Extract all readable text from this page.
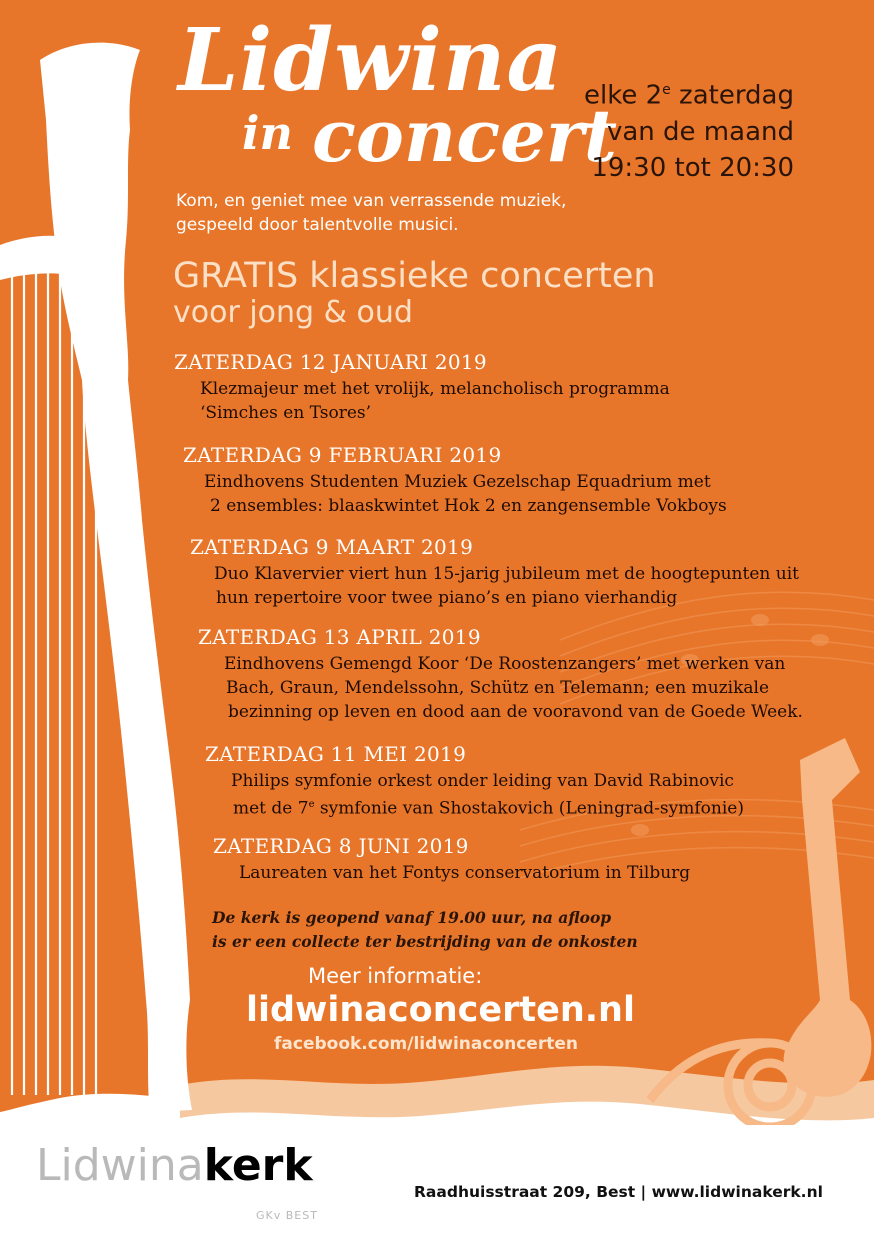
Lidwina
in concert
elke 2e zaterdag
van de maand
19:30 tot 20:30
Kom, en geniet mee van verrassende muziek,
gespeeld door talentvolle musici.
GRATIS klassieke concerten
voor jong & oud
ZATERDAG 12 JANUARI 2019
Klezmajeur met het vrolijk, melancholisch programma
‘Simches en Tsores’
ZATERDAG 9 FEBRUARI 2019
Eindhovens Studenten Muziek Gezelschap Equadrium met
2 ensembles: blaaskwintet Hok 2 en zangensemble Vokboys
ZATERDAG 9 MAART 2019
Duo Klavervier viert hun 15-jarig jubileum met de hoogtepunten uit
hun repertoire voor twee piano’s en piano vierhandig
ZATERDAG 13 APRIL 2019
Eindhovens Gemengd Koor ‘De Roostenzangers’ met werken van
Bach, Graun, Mendelssohn, Schütz en Telemann; een muzikale
bezinning op leven en dood aan de vooravond van de Goede Week.
ZATERDAG 11 MEI 2019
Philips symfonie orkest onder leiding van David Rabinovic
met de 7e symfonie van Shostakovich (Leningrad-symfonie)
ZATERDAG 8 JUNI 2019
Laureaten van het Fontys conservatorium in Tilburg
De kerk is geopend vanaf 19.00 uur, na afloop
is er een collecte ter bestrijding van de onkosten
Meer informatie:
lidwinaconcerten.nl
facebook.com/lidwinaconcerten
Lidwinakerk
GKv BEST
Raadhuisstraat 209, Best | www.lidwinakerk.nl
